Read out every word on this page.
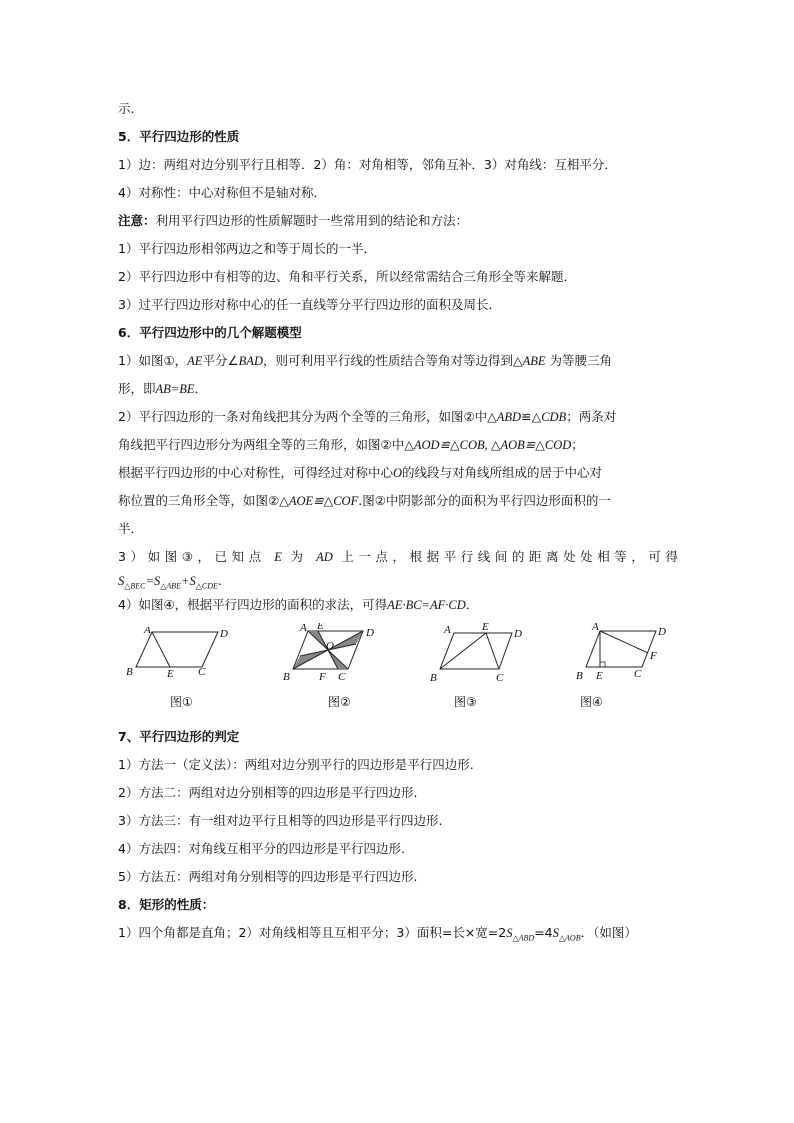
示.
5．平行四边形的性质
1）边：两组对边分别平行且相等．2）角：对角相等，邻角互补．3）对角线：互相平分．
4）对称性：中心对称但不是轴对称．
注意：利用平行四边形的性质解题时一些常用到的结论和方法：
1）平行四边形相邻两边之和等于周长的一半．
2）平行四边形中有相等的边、角和平行关系，所以经常需结合三角形全等来解题．
3）过平行四边形对称中心的任一直线等分平行四边形的面积及周长．
6．平行四边形中的几个解题模型
1）如图①，AE平分∠BAD，则可利用平行线的性质结合等角对等边得到△ABE 为等腰三角
形，即AB=BE．
2）平行四边形的一条对角线把其分为两个全等的三角形，如图②中△ABD≌△CDB；两条对
角线把平行四边形分为两组全等的三角形，如图②中△AOD≌△COB, △AOB≌△COD；
根据平行四边形的中心对称性，可得经过对称中心O的线段与对角线所组成的居于中心对
称位置的三角形全等，如图②△AOE≌△COF.图②中阴影部分的面积为平行四边形面积的一
半．
3）如图③，已知点 E 为 AD 上一点，根据平行线间的距离处处相等，可得
$S_{\triangle BEC}=S_{\triangle ABE}+S_{\triangle CDE}$.
4）如图④，根据平行四边形的面积的求法，可得AE·BC=AF·CD．
A	D
B	E C
图①
A E
D
O
B	F C
图②
A	E
D
B	C
图③
A	D
F
B E	C
图④
7、平行四边形的判定
1）方法一（定义法）：两组对边分别平行的四边形是平行四边形.
2）方法二：两组对边分别相等的四边形是平行四边形.
3）方法三：有一组对边平行且相等的四边形是平行四边形.
4）方法四：对角线互相平分的四边形是平行四边形.
5）方法五：两组对角分别相等的四边形是平行四边形.
8．矩形的性质：
1）四个角都是直角；2）对角线相等且互相平分；3）面积=长×宽$=2S_{\triangle ABD}=4S_{\triangle AOB}$．（如图）
